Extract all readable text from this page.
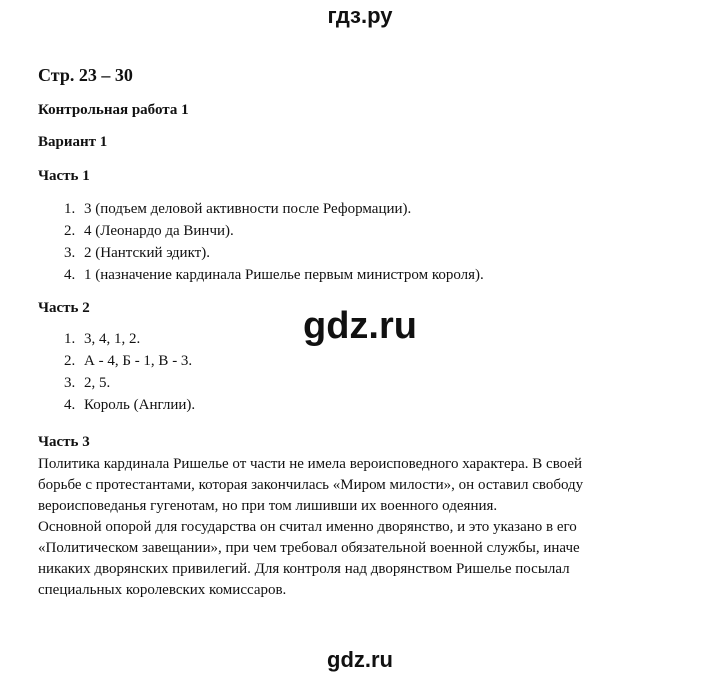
гдз.ру
Стр. 23 – 30
Контрольная работа 1
Вариант 1
Часть 1
1. 3 (подъем деловой активности после Реформации).
2. 4 (Леонардо да Винчи).
3. 2 (Нантский эдикт).
4. 1 (назначение кардинала Ришелье первым министром короля).
Часть 2
1. 3, 4, 1, 2.
2. А - 4, Б - 1, В - 3.
3. 2, 5.
4. Король (Англии).
gdz.ru
Часть 3
Политика кардинала Ришелье от части не имела вероисповедного характера. В своей
борьбе с протестантами, которая закончилась «Миром милости», он оставил свободу
вероисповеданья гугенотам, но при том лишивши их военного одеяния.
Основной опорой для государства он считал именно дворянство, и это указано в его
«Политическом завещании», при чем требовал обязательной военной службы, иначе
никаких дворянских привилегий. Для контроля над дворянством Ришелье посылал
специальных королевских комиссаров.
gdz.ru
